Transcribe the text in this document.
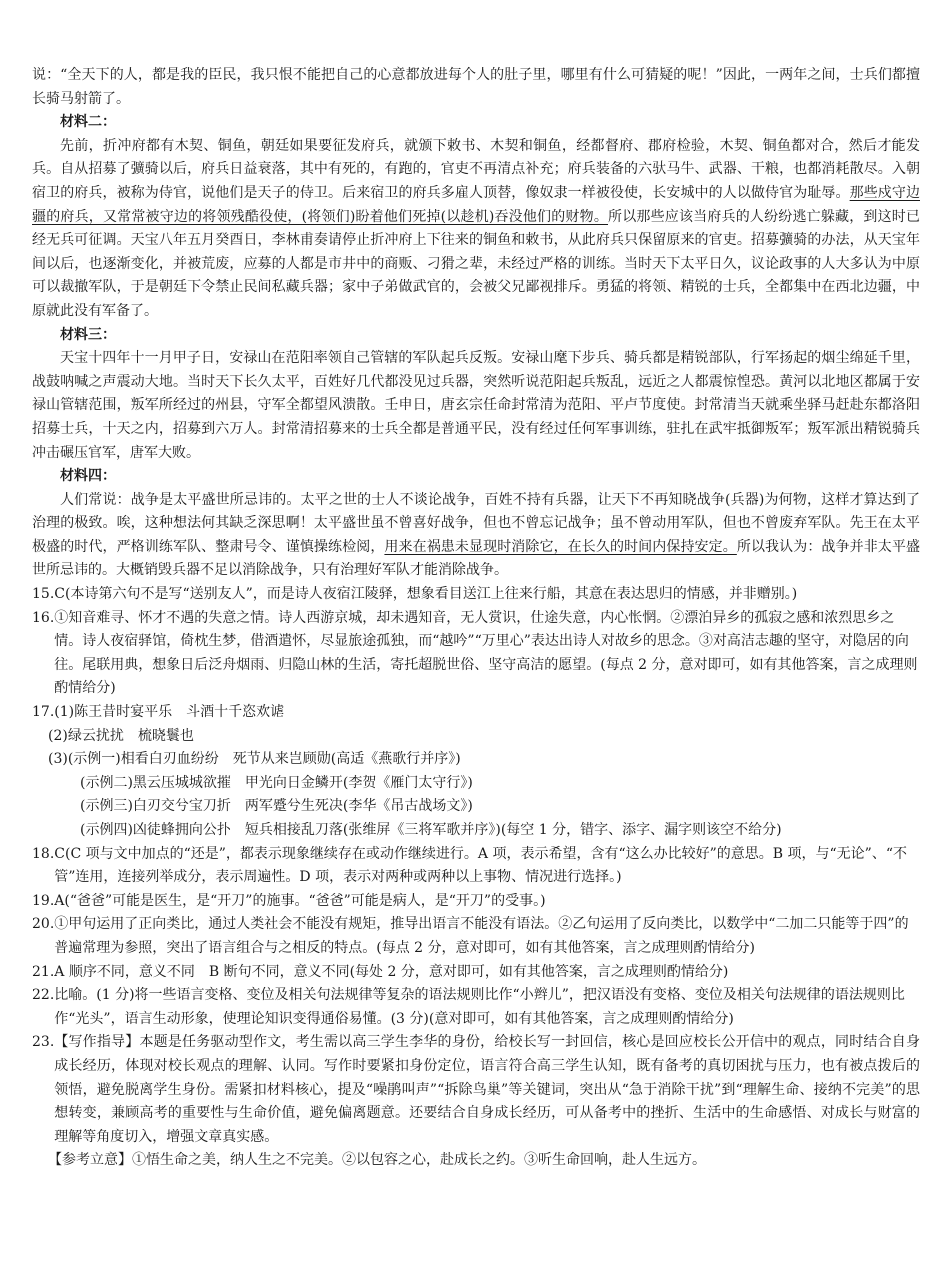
说：“全天下的人，都是我的臣民，我只恨不能把自己的心意都放进每个人的肚子里，哪里有什么可猜疑的呢！”因此，一两年之间，士兵们都擅长骑马射箭了。

材料二：

先前，折冲府都有木契、铜鱼，朝廷如果要征发府兵，就颁下敕书、木契和铜鱼，经都督府、郡府检验，木契、铜鱼都对合，然后才能发兵。自从招募了彍骑以后，府兵日益衰落，其中有死的，有跑的，官吏不再清点补充；府兵装备的六驮马牛、武器、干粮，也都消耗散尽。入朝宿卫的府兵，被称为侍官，说他们是天子的侍卫。后来宿卫的府兵多雇人顶替，像奴隶一样被役使，长安城中的人以做侍官为耻辱。那些戍守边疆的府兵，又常常被守边的将领残酷役使，(将领们)盼着他们死掉(以趁机)吞没他们的财物。所以那些应该当府兵的人纷纷逃亡躲藏，到这时已经无兵可征调。天宝八年五月癸酉日，李林甫奏请停止折冲府上下往来的铜鱼和敕书，从此府兵只保留原来的官吏。招募彍骑的办法，从天宝年间以后，也逐渐变化，并被荒废，应募的人都是市井中的商贩、刁猾之辈，未经过严格的训练。当时天下太平日久，议论政事的人大多认为中原可以裁撤军队，于是朝廷下令禁止民间私藏兵器；家中子弟做武官的，会被父兄鄙视排斥。勇猛的将领、精锐的士兵，全都集中在西北边疆，中原就此没有军备了。

材料三：

天宝十四年十一月甲子日，安禄山在范阳率领自己管辖的军队起兵反叛。安禄山麾下步兵、骑兵都是精锐部队，行军扬起的烟尘绵延千里，战鼓呐喊之声震动大地。当时天下长久太平，百姓好几代都没见过兵器，突然听说范阳起兵叛乱，远近之人都震惊惶恐。黄河以北地区都属于安禄山管辖范围，叛军所经过的州县，守军全都望风溃散。壬申日，唐玄宗任命封常清为范阳、平卢节度使。封常清当天就乘坐驿马赶赴东都洛阳招募士兵，十天之内，招募到六万人。封常清招募来的士兵全都是普通平民，没有经过任何军事训练，驻扎在武牢抵御叛军；叛军派出精锐骑兵冲击碾压官军，唐军大败。

材料四：

人们常说：战争是太平盛世所忌讳的。太平之世的士人不谈论战争，百姓不持有兵器，让天下不再知晓战争(兵器)为何物，这样才算达到了治理的极致。唉，这种想法何其缺乏深思啊！太平盛世虽不曾喜好战争，但也不曾忘记战争；虽不曾动用军队，但也不曾废弃军队。先王在太平极盛的时代，严格训练军队、整肃号令、谨慎操练检阅，用来在祸患未显现时消除它，在长久的时间内保持安定。所以我认为：战争并非太平盛世所忌讳的。大概销毁兵器不足以消除战争，只有治理好军队才能消除战争。

15. C(本诗第六句不是写“送别友人”，而是诗人夜宿江陵驿，想象看目送江上往来行船，其意在表达思归的情感，并非赠别。)
16. ①知音难寻、怀才不遇的失意之情。诗人西游京城，却未遇知音，无人赏识，仕途失意，内心怅惘。②漂泊异乡的孤寂之感和浓烈思乡之情。诗人夜宿驿馆，倚枕生梦，借酒遣怀，尽显旅途孤独，而“越吟”“万里心”表达出诗人对故乡的思念。③对高洁志趣的坚守，对隐居的向往。尾联用典，想象日后泛舟烟雨、归隐山林的生活，寄托超脱世俗、坚守高洁的愿望。(每点 2 分，意对即可，如有其他答案，言之成理则酌情给分)
17. (1)陈王昔时宴平乐　斗酒十千恣欢谑

(2)绿云扰扰　梳晓鬟也

(3)(示例一)相看白刃血纷纷　死节从来岂顾勋(高适《燕歌行并序》)

(示例二)黑云压城城欲摧　甲光向日金鳞开(李贺《雁门太守行》)

(示例三)白刃交兮宝刀折　两军蹙兮生死决(李华《吊古战场文》)

(示例四)凶徒蜂拥向公扑　短兵相接乱刀落(张维屏《三将军歌并序》)(每空 1 分，错字、添字、漏字则该空不给分)

18. C(C 项与文中加点的“还是”，都表示现象继续存在或动作继续进行。A 项，表示希望，含有“这么办比较好”的意思。B 项，与“无论”、“不管”连用，连接列举成分，表示周遍性。D 项，表示对两种或两种以上事物、情况进行选择。)
19. A(“爸爸”可能是医生，是“开刀”的施事。“爸爸”可能是病人，是“开刀”的受事。)
20. ①甲句运用了正向类比，通过人类社会不能没有规矩，推导出语言不能没有语法。②乙句运用了反向类比，以数学中“二加二只能等于四”的普遍常理为参照，突出了语言组合与之相反的特点。(每点 2 分，意对即可，如有其他答案，言之成理则酌情给分)
21. A 顺序不同，意义不同　B 断句不同，意义不同(每处 2 分，意对即可，如有其他答案，言之成理则酌情给分)
22. 比喻。(1 分)将一些语言变格、变位及相关句法规律等复杂的语法规则比作“小辫儿”，把汉语没有变格、变位及相关句法规律的语法规则比作“光头”，语言生动形象，使理论知识变得通俗易懂。(3 分)(意对即可，如有其他答案，言之成理则酌情给分)
23. 【写作指导】本题是任务驱动型作文，考生需以高三学生李华的身份，给校长写一封回信，核心是回应校长公开信中的观点，同时结合自身成长经历，体现对校长观点的理解、认同。写作时要紧扣身份定位，语言符合高三学生认知，既有备考的真切困扰与压力，也有被点拨后的领悟，避免脱离学生身份。需紧扣材料核心，提及“噪鹃叫声”“拆除鸟巢”等关键词，突出从“急于消除干扰”到“理解生命、接纳不完美”的思想转变，兼顾高考的重要性与生命价值，避免偏离题意。还要结合自身成长经历，可从备考中的挫折、生活中的生命感悟、对成长与财富的理解等角度切入，增强文章真实感。

【参考立意】①悟生命之美，纳人生之不完美。②以包容之心，赴成长之约。③听生命回响，赴人生远方。
